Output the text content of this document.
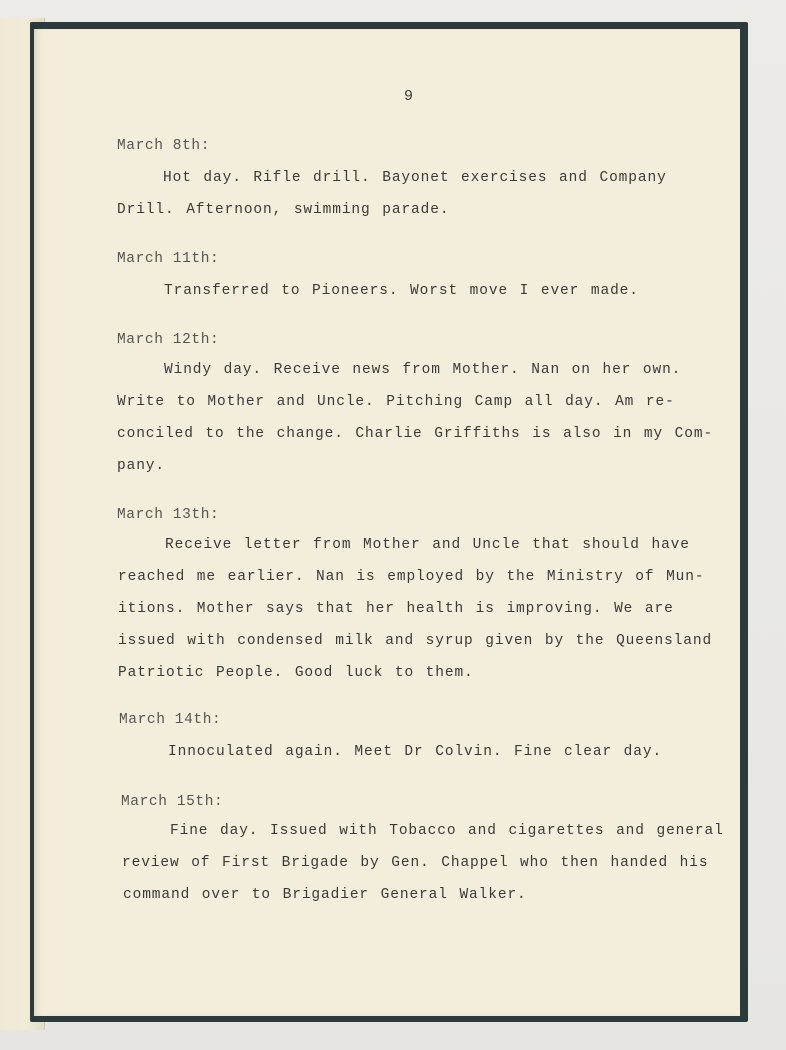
9
March 8th:
Hot day. Rifle drill. Bayonet exercises and Company
Drill. Afternoon, swimming parade.
March 11th:
Transferred to Pioneers. Worst move I ever made.
March 12th:
Windy day. Receive news from Mother. Nan on her own.
Write to Mother and Uncle. Pitching Camp all day. Am re-
conciled to the change. Charlie Griffiths is also in my Com-
pany.
March 13th:
Receive letter from Mother and Uncle that should have
reached me earlier. Nan is employed by the Ministry of Mun-
itions. Mother says that her health is improving. We are
issued with condensed milk and syrup given by the Queensland
Patriotic People. Good luck to them.
March 14th:
Innoculated again. Meet Dr Colvin. Fine clear day.
March 15th:
Fine day. Issued with Tobacco and cigarettes and general
review of First Brigade by Gen. Chappel who then handed his
command over to Brigadier General Walker.
